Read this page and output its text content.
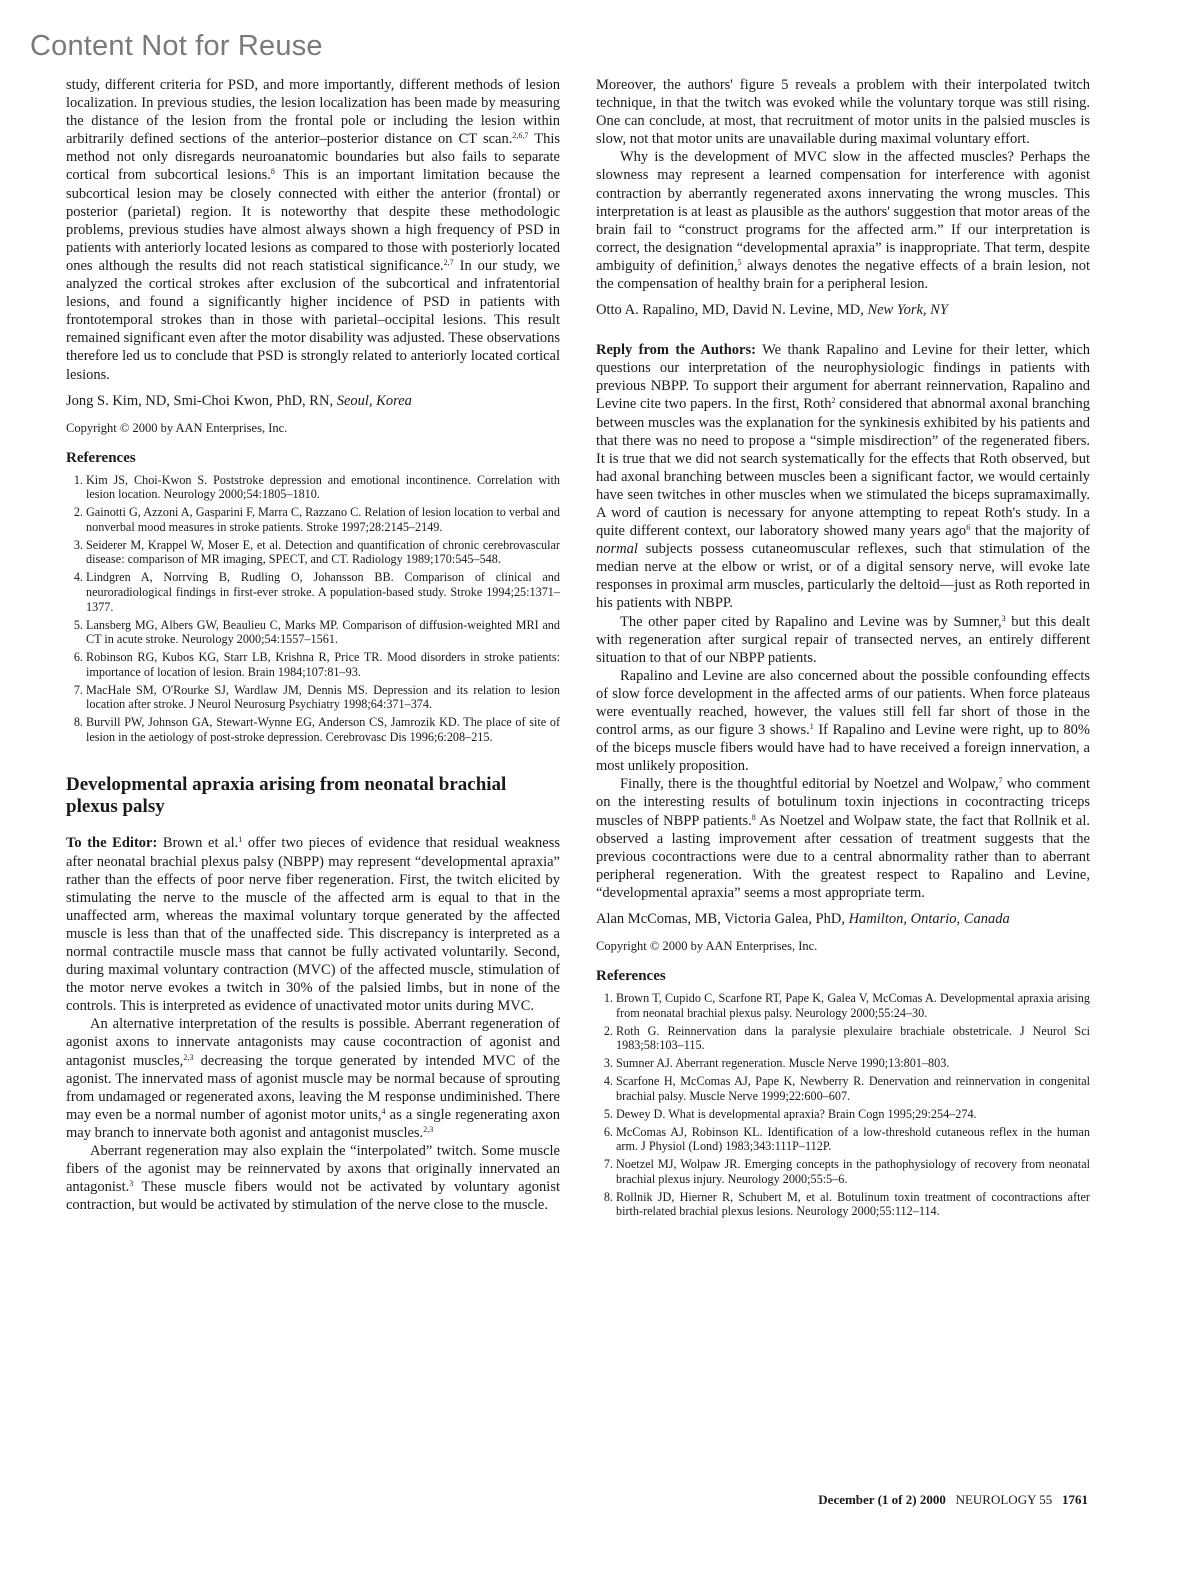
Content Not for Reuse

study, different criteria for PSD, and more importantly, different methods of lesion localization. In previous studies, the lesion localization has been made by measuring the distance of the lesion from the frontal pole or including the lesion within arbitrarily defined sections of the anterior–posterior distance on CT scan.$^{2,6,7}$ This method not only disregards neuroanatomic boundaries but also fails to separate cortical from subcortical lesions.$^8$ This is an important limitation because the subcortical lesion may be closely connected with either the anterior (frontal) or posterior (parietal) region. It is noteworthy that despite these methodologic problems, previous studies have almost always shown a high frequency of PSD in patients with anteriorly located lesions as compared to those with posteriorly located ones although the results did not reach statistical significance.$^{2,7}$ In our study, we analyzed the cortical strokes after exclusion of the subcortical and infratentorial lesions, and found a significantly higher incidence of PSD in patients with frontotemporal strokes than in those with parietal–occipital lesions. This result remained significant even after the motor disability was adjusted. These observations therefore led us to conclude that PSD is strongly related to anteriorly located cortical lesions.

Jong S. Kim, ND, Smi-Choi Kwon, PhD, RN, Seoul, Korea

Copyright © 2000 by AAN Enterprises, Inc.

References
1. Kim JS, Choi-Kwon S. Poststroke depression and emotional incontinence. Correlation with lesion location. Neurology 2000;54:1805–1810.
2. Gainotti G, Azzoni A, Gasparini F, Marra C, Razzano C. Relation of lesion location to verbal and nonverbal mood measures in stroke patients. Stroke 1997;28:2145–2149.
3. Seiderer M, Krappel W, Moser E, et al. Detection and quantification of chronic cerebrovascular disease: comparison of MR imaging, SPECT, and CT. Radiology 1989;170:545–548.
4. Lindgren A, Norrving B, Rudling O, Johansson BB. Comparison of clinical and neuroradiological findings in first-ever stroke. A population-based study. Stroke 1994;25:1371–1377.
5. Lansberg MG, Albers GW, Beaulieu C, Marks MP. Comparison of diffusion-weighted MRI and CT in acute stroke. Neurology 2000;54:1557–1561.
6. Robinson RG, Kubos KG, Starr LB, Krishna R, Price TR. Mood disorders in stroke patients: importance of location of lesion. Brain 1984;107:81–93.
7. MacHale SM, O'Rourke SJ, Wardlaw JM, Dennis MS. Depression and its relation to lesion location after stroke. J Neurol Neurosurg Psychiatry 1998;64:371–374.
8. Burvill PW, Johnson GA, Stewart-Wynne EG, Anderson CS, Jamrozik KD. The place of site of lesion in the aetiology of post-stroke depression. Cerebrovasc Dis 1996;6:208–215.
Developmental apraxia arising from neonatal brachial plexus palsy

To the Editor: Brown et al.$^1$ offer two pieces of evidence that residual weakness after neonatal brachial plexus palsy (NBPP) may represent “developmental apraxia” rather than the effects of poor nerve fiber regeneration. First, the twitch elicited by stimulating the nerve to the muscle of the affected arm is equal to that in the unaffected arm, whereas the maximal voluntary torque generated by the affected muscle is less than that of the unaffected side. This discrepancy is interpreted as a normal contractile muscle mass that cannot be fully activated voluntarily. Second, during maximal voluntary contraction (MVC) of the affected muscle, stimulation of the motor nerve evokes a twitch in 30% of the palsied limbs, but in none of the controls. This is interpreted as evidence of unactivated motor units during MVC.

An alternative interpretation of the results is possible. Aberrant regeneration of agonist axons to innervate antagonists may cause cocontraction of agonist and antagonist muscles,$^{2,3}$ decreasing the torque generated by intended MVC of the agonist. The innervated mass of agonist muscle may be normal because of sprouting from undamaged or regenerated axons, leaving the M response undiminished. There may even be a normal number of agonist motor units,$^4$ as a single regenerating axon may branch to innervate both agonist and antagonist muscles.$^{2,3}$

Aberrant regeneration may also explain the “interpolated” twitch. Some muscle fibers of the agonist may be reinnervated by axons that originally innervated an antagonist.$^3$ These muscle fibers would not be activated by voluntary agonist contraction, but would be activated by stimulation of the nerve close to the muscle.

Moreover, the authors' figure 5 reveals a problem with their interpolated twitch technique, in that the twitch was evoked while the voluntary torque was still rising. One can conclude, at most, that recruitment of motor units in the palsied muscles is slow, not that motor units are unavailable during maximal voluntary effort.

Why is the development of MVC slow in the affected muscles? Perhaps the slowness may represent a learned compensation for interference with agonist contraction by aberrantly regenerated axons innervating the wrong muscles. This interpretation is at least as plausible as the authors' suggestion that motor areas of the brain fail to “construct programs for the affected arm.” If our interpretation is correct, the designation “developmental apraxia” is inappropriate. That term, despite ambiguity of definition,$^5$ always denotes the negative effects of a brain lesion, not the compensation of healthy brain for a peripheral lesion.

Otto A. Rapalino, MD, David N. Levine, MD, New York, NY

Reply from the Authors: We thank Rapalino and Levine for their letter, which questions our interpretation of the neurophysiologic findings in patients with previous NBPP. To support their argument for aberrant reinnervation, Rapalino and Levine cite two papers. In the first, Roth$^2$ considered that abnormal axonal branching between muscles was the explanation for the synkinesis exhibited by his patients and that there was no need to propose a “simple misdirection” of the regenerated fibers. It is true that we did not search systematically for the effects that Roth observed, but had axonal branching between muscles been a significant factor, we would certainly have seen twitches in other muscles when we stimulated the biceps supramaximally. A word of caution is necessary for anyone attempting to repeat Roth's study. In a quite different context, our laboratory showed many years ago$^6$ that the majority of normal subjects possess cutaneomuscular reflexes, such that stimulation of the median nerve at the elbow or wrist, or of a digital sensory nerve, will evoke late responses in proximal arm muscles, particularly the deltoid—just as Roth reported in his patients with NBPP.

The other paper cited by Rapalino and Levine was by Sumner,$^3$ but this dealt with regeneration after surgical repair of transected nerves, an entirely different situation to that of our NBPP patients.

Rapalino and Levine are also concerned about the possible confounding effects of slow force development in the affected arms of our patients. When force plateaus were eventually reached, however, the values still fell far short of those in the control arms, as our figure 3 shows.$^1$ If Rapalino and Levine were right, up to 80% of the biceps muscle fibers would have had to have received a foreign innervation, a most unlikely proposition.

Finally, there is the thoughtful editorial by Noetzel and Wolpaw,$^7$ who comment on the interesting results of botulinum toxin injections in cocontracting triceps muscles of NBPP patients.$^8$ As Noetzel and Wolpaw state, the fact that Rollnik et al. observed a lasting improvement after cessation of treatment suggests that the previous cocontractions were due to a central abnormality rather than to aberrant peripheral regeneration. With the greatest respect to Rapalino and Levine, “developmental apraxia” seems a most appropriate term.

Alan McComas, MB, Victoria Galea, PhD, Hamilton, Ontario, Canada

Copyright © 2000 by AAN Enterprises, Inc.

References
1. Brown T, Cupido C, Scarfone RT, Pape K, Galea V, McComas A. Developmental apraxia arising from neonatal brachial plexus palsy. Neurology 2000;55:24–30.
2. Roth G. Reinnervation dans la paralysie plexulaire brachiale obstetricale. J Neurol Sci 1983;58:103–115.
3. Sumner AJ. Aberrant regeneration. Muscle Nerve 1990;13:801–803.
4. Scarfone H, McComas AJ, Pape K, Newberry R. Denervation and reinnervation in congenital brachial palsy. Muscle Nerve 1999;22:600–607.
5. Dewey D. What is developmental apraxia? Brain Cogn 1995;29:254–274.
6. McComas AJ, Robinson KL. Identification of a low-threshold cutaneous reflex in the human arm. J Physiol (Lond) 1983;343:111P–112P.
7. Noetzel MJ, Wolpaw JR. Emerging concepts in the pathophysiology of recovery from neonatal brachial plexus injury. Neurology 2000;55:5–6.
8. Rollnik JD, Hierner R, Schubert M, et al. Botulinum toxin treatment of cocontractions after birth-related brachial plexus lesions. Neurology 2000;55:112–114.
December (1 of 2) 2000 NEUROLOGY 55 1761
